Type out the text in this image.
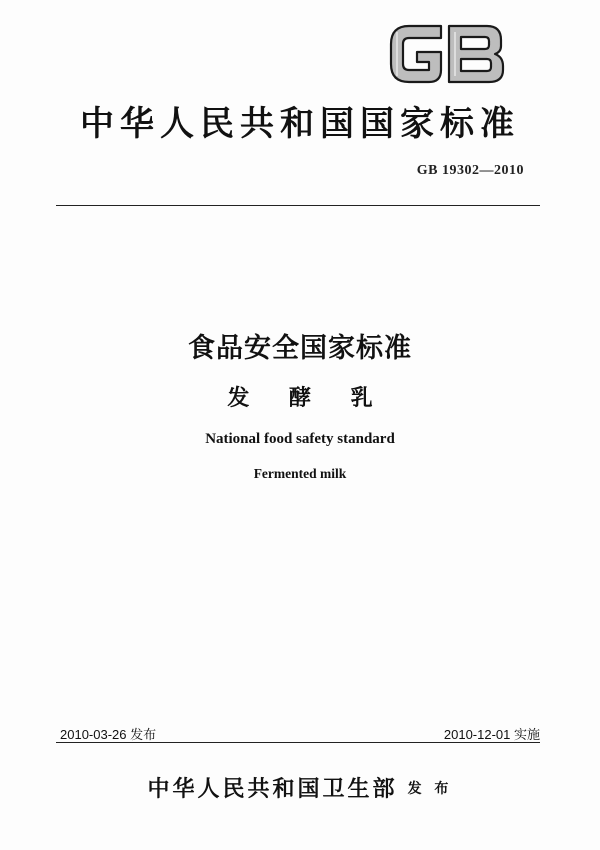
中华人民共和国国家标准
GB 19302—2010
食品安全国家标准
发 酵 乳
National food safety standard
Fermented milk
2010-03-26 发布	2010-12-01 实施
中华人民共和国卫生部 发 布
